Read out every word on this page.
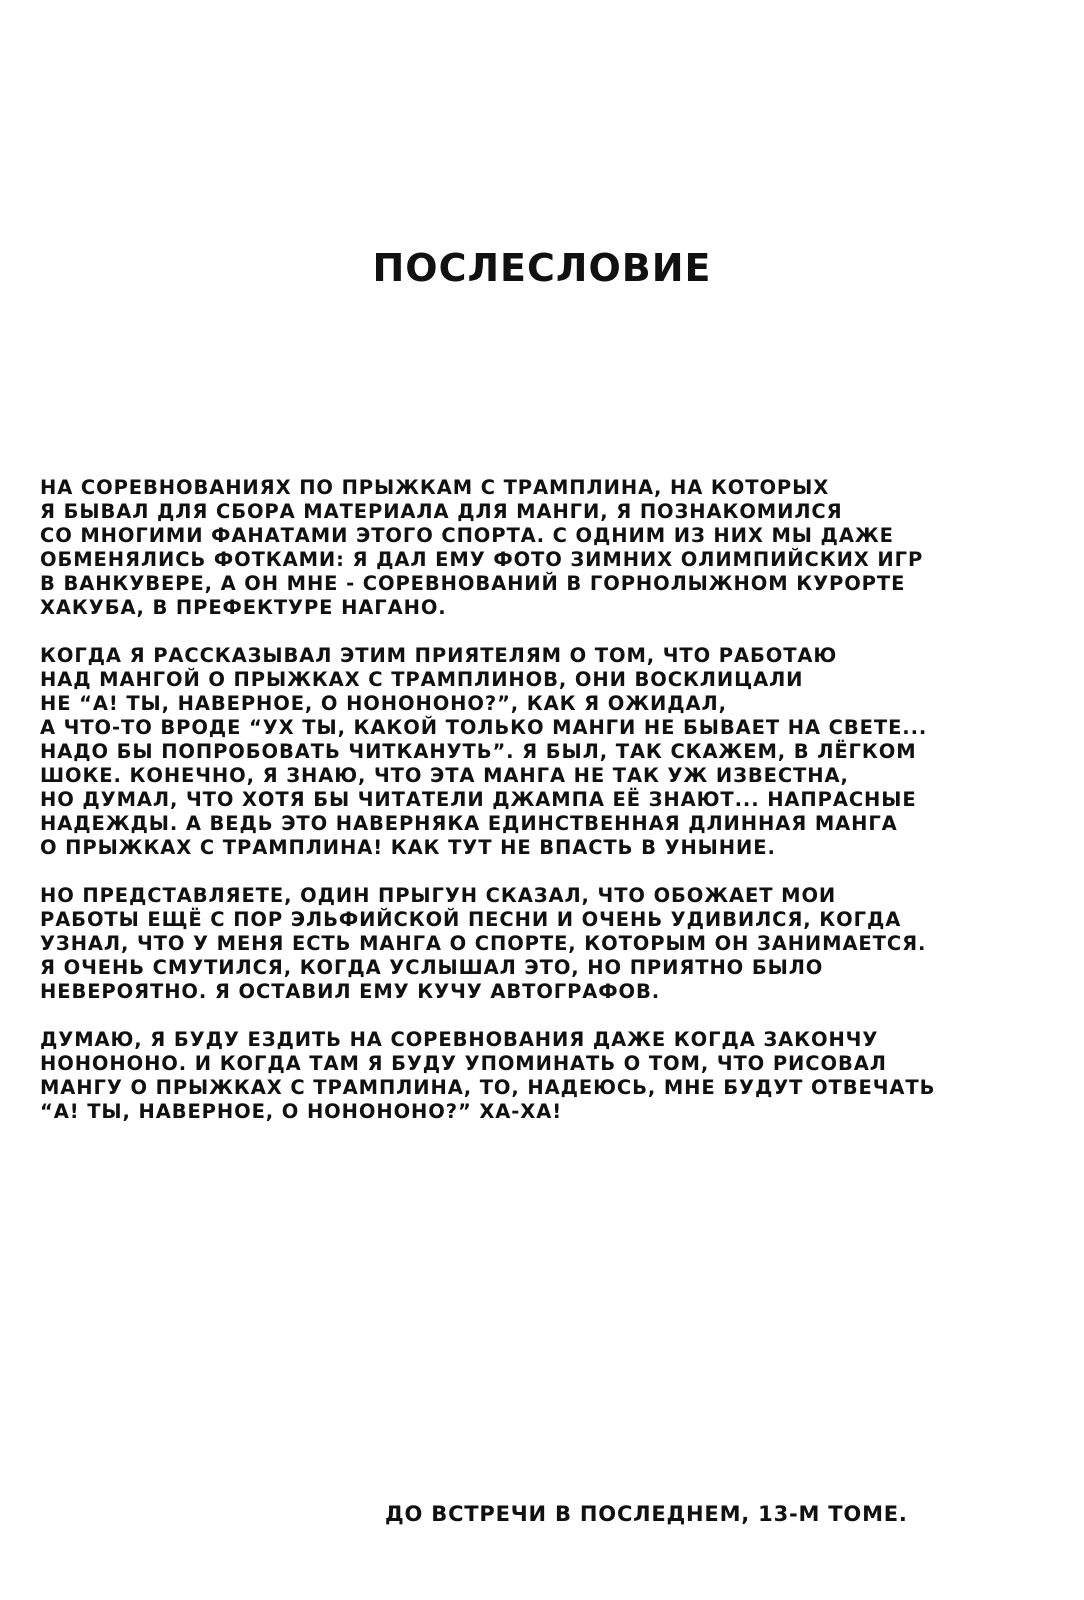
ПОСЛЕСЛОВИЕ

НА СОРЕВНОВАНИЯХ ПО ПРЫЖКАМ С ТРАМПЛИНА, НА КОТОРЫХ
Я БЫВАЛ ДЛЯ СБОРА МАТЕРИАЛА ДЛЯ МАНГИ, Я ПОЗНАКОМИЛСЯ
СО МНОГИМИ ФАНАТАМИ ЭТОГО СПОРТА. С ОДНИМ ИЗ НИХ МЫ ДАЖЕ
ОБМЕНЯЛИСЬ ФОТКАМИ: Я ДАЛ ЕМУ ФОТО ЗИМНИХ ОЛИМПИЙСКИХ ИГР
В ВАНКУВЕРЕ, А ОН МНЕ - СОРЕВНОВАНИЙ В ГОРНОЛЫЖНОМ КУРОРТЕ
ХАКУБА, В ПРЕФЕКТУРЕ НАГАНО.

КОГДА Я РАССКАЗЫВАЛ ЭТИМ ПРИЯТЕЛЯМ О ТОМ, ЧТО РАБОТАЮ
НАД МАНГОЙ О ПРЫЖКАХ С ТРАМПЛИНОВ, ОНИ ВОСКЛИЦАЛИ
НЕ “А! ТЫ, НАВЕРНОЕ, О НОНОНОНО?”, КАК Я ОЖИДАЛ,
А ЧТО-ТО ВРОДЕ “УХ ТЫ, КАКОЙ ТОЛЬКО МАНГИ НЕ БЫВАЕТ НА СВЕТЕ...
НАДО БЫ ПОПРОБОВАТЬ ЧИТКАНУТЬ”. Я БЫЛ, ТАК СКАЖЕМ, В ЛЁГКОМ
ШОКЕ. КОНЕЧНО, Я ЗНАЮ, ЧТО ЭТА МАНГА НЕ ТАК УЖ ИЗВЕСТНА,
НО ДУМАЛ, ЧТО ХОТЯ БЫ ЧИТАТЕЛИ ДЖАМПА ЕЁ ЗНАЮТ... НАПРАСНЫЕ
НАДЕЖДЫ. А ВЕДЬ ЭТО НАВЕРНЯКА ЕДИНСТВЕННАЯ ДЛИННАЯ МАНГА
О ПРЫЖКАХ С ТРАМПЛИНА! КАК ТУТ НЕ ВПАСТЬ В УНЫНИЕ.

НО ПРЕДСТАВЛЯЕТЕ, ОДИН ПРЫГУН СКАЗАЛ, ЧТО ОБОЖАЕТ МОИ
РАБОТЫ ЕЩЁ С ПОР ЭЛЬФИЙСКОЙ ПЕСНИ И ОЧЕНЬ УДИВИЛСЯ, КОГДА
УЗНАЛ, ЧТО У МЕНЯ ЕСТЬ МАНГА О СПОРТЕ, КОТОРЫМ ОН ЗАНИМАЕТСЯ.
Я ОЧЕНЬ СМУТИЛСЯ, КОГДА УСЛЫШАЛ ЭТО, НО ПРИЯТНО БЫЛО
НЕВЕРОЯТНО. Я ОСТАВИЛ ЕМУ КУЧУ АВТОГРАФОВ.

ДУМАЮ, Я БУДУ ЕЗДИТЬ НА СОРЕВНОВАНИЯ ДАЖЕ КОГДА ЗАКОНЧУ
НОНОНОНО. И КОГДА ТАМ Я БУДУ УПОМИНАТЬ О ТОМ, ЧТО РИСОВАЛ
МАНГУ О ПРЫЖКАХ С ТРАМПЛИНА, ТО, НАДЕЮСЬ, МНЕ БУДУТ ОТВЕЧАТЬ
“А! ТЫ, НАВЕРНОЕ, О НОНОНОНО?” ХА-ХА!

ДО ВСТРЕЧИ В ПОСЛЕДНЕМ, 13-М ТОМЕ.
